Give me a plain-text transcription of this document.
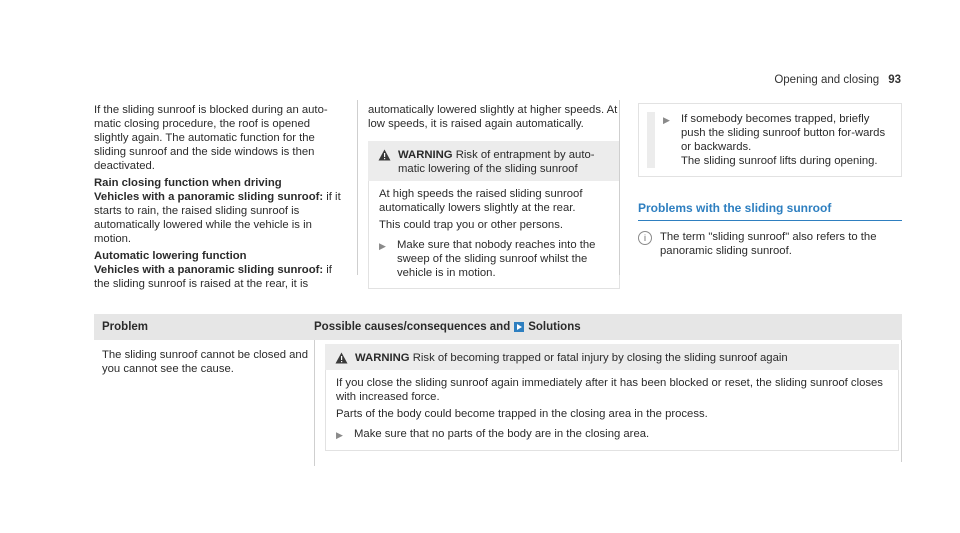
Opening and closing 93

If the sliding sunroof is blocked during an auto-matic closing procedure, the roof is opened slightly again. The automatic function for the sliding sunroof and the side windows is then deactivated.

Rain closing function when driving

Vehicles with a panoramic sliding sunroof: if it starts to rain, the raised sliding sunroof is automatically lowered while the vehicle is in motion.

Automatic lowering function

Vehicles with a panoramic sliding sunroof: if the sliding sunroof is raised at the rear, it is

automatically lowered slightly at higher speeds. At low speeds, it is raised again automatically.

WARNING Risk of entrapment by auto-matic lowering of the sliding sunroof

At high speeds the raised sliding sunroof automatically lowers slightly at the rear.

This could trap you or other persons.

▶ Make sure that nobody reaches into the sweep of the sliding sunroof whilst the vehicle is in motion.
▶ If somebody becomes trapped, briefly push the sliding sunroof button for-wards or backwards.
The sliding sunroof lifts during opening.
Problems with the sliding sunroof
i	The term "sliding sunroof" also refers to the panoramic sliding sunroof.
Problem	Possible causes/consequences and Solutions
The sliding sunroof cannot be closed and you cannot see the cause.
WARNING Risk of becoming trapped or fatal injury by closing the sliding sunroof again

If you close the sliding sunroof again immediately after it has been blocked or reset, the sliding sunroof closes with increased force.

Parts of the body could become trapped in the closing area in the process.

▶ Make sure that no parts of the body are in the closing area.
